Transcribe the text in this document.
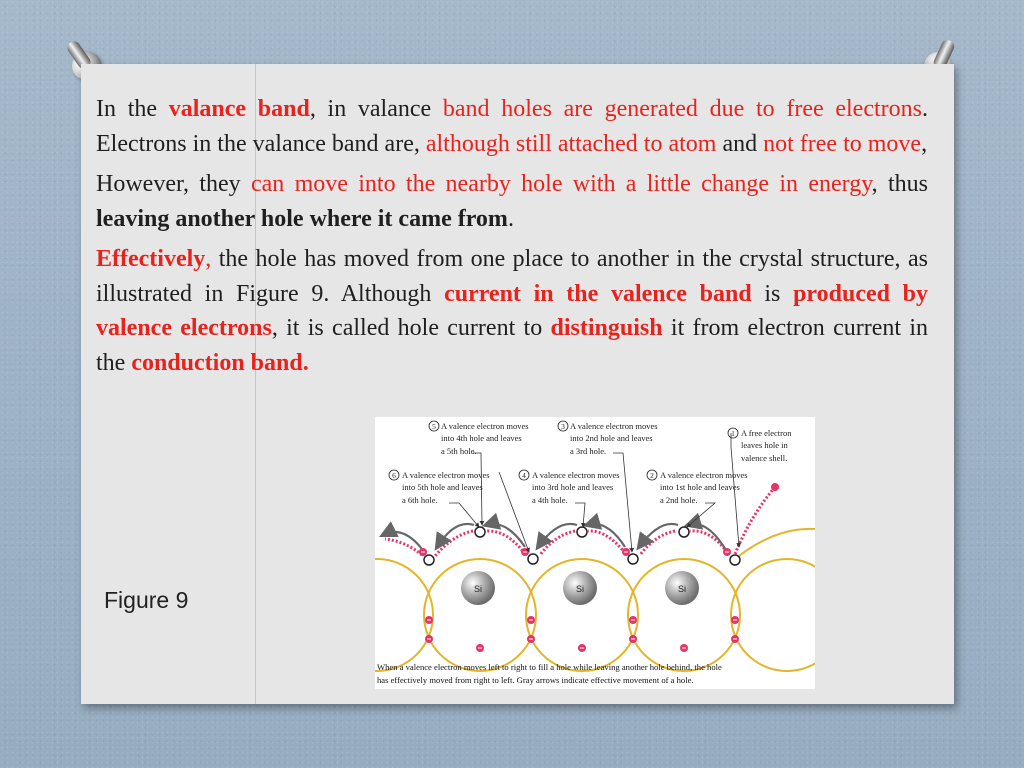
In the valance band, in valance band holes are generated due to free electrons. Electrons in the valance band are, although still attached to atom and not free to move,

However, they can move into the nearby hole with a little change in energy, thus leaving another hole where it came from.

Effectively, the hole has moved from one place to another in the crystal structure, as illustrated in Figure 9. Although current in the valence band is produced by valence electrons, it is called hole current to distinguish it from electron current in the conduction band.

Si	Si	Si
5 A valence electron moves
into 4th hole and leaves
a 5th hole.
3 A valence electron moves
into 2nd hole and leaves
a 3rd hole.
1 A free electron
leaves hole in
valence shell.
6 A valence electron moves
into 5th hole and leaves
a 6th hole.
4 A valence electron moves
into 3rd hole and leaves
a 4th hole.
2 A valence electron moves
into 1st hole and leaves
a 2nd hole.
When a valence electron moves left to right to fill a hole while leaving another hole behind, the hole
has effectively moved from right to left. Gray arrows indicate effective movement of a hole.
Figure 9
